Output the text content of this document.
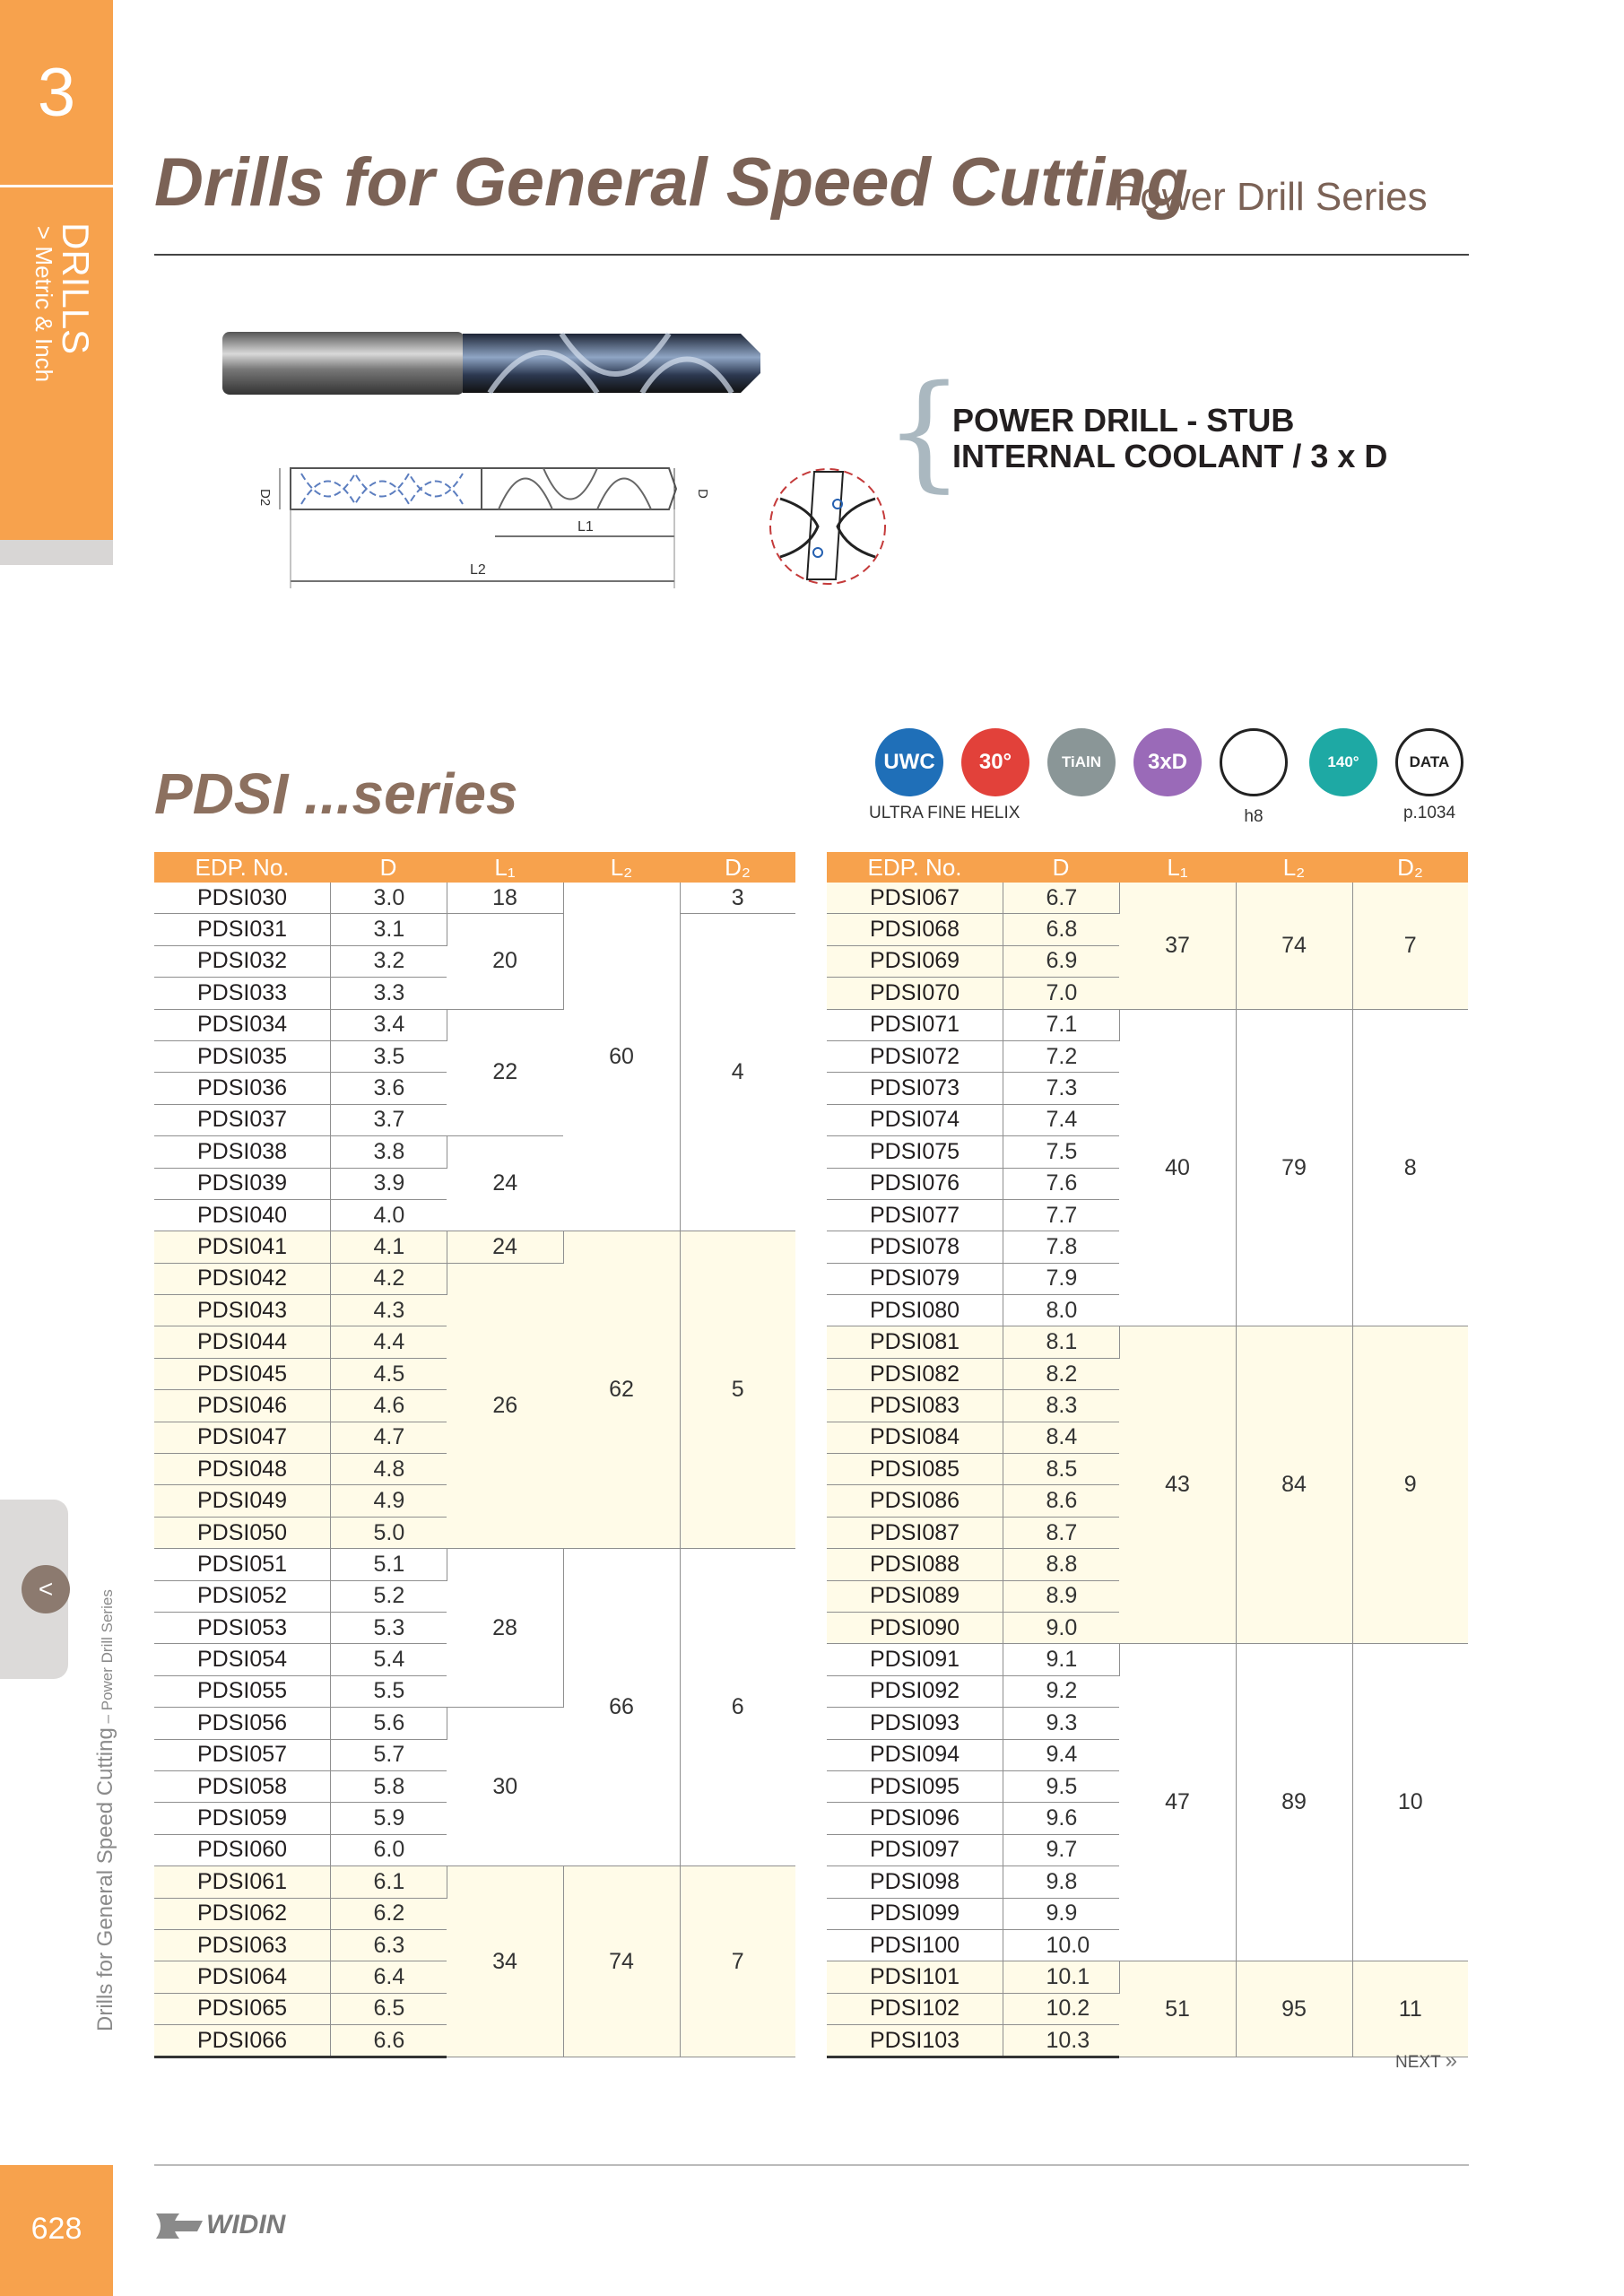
3
DRILLS
> Metric & Inch
<
Drills for General Speed Cutting – Power Drill Series
628
Drills for General Speed Cutting
Power Drill Series
D2	D
L1
L2
{
POWER DRILL - STUB
INTERNAL COOLANT / 3 x D
PDSI ...series	UWC
ULTRA FINE
30°
HELIX
TiAlN	3xD
h8
140°	DATA
p.1034
EDP. No.	D	L₁	L₂	D₂
PDSI030	3.0	18	60	3
PDSI031	3.1	20		4
PDSI032	3.2			
PDSI033	3.3			
PDSI034	3.4	22		
PDSI035	3.5			
PDSI036	3.6			
PDSI037	3.7			
PDSI038	3.8	24		
PDSI039	3.9			
PDSI040	4.0			
PDSI041	4.1	24	62	5
PDSI042	4.2	26		
PDSI043	4.3			
PDSI044	4.4			
PDSI045	4.5			
PDSI046	4.6			
PDSI047	4.7			
PDSI048	4.8			
PDSI049	4.9			
PDSI050	5.0			
PDSI051	5.1	28	66	6
PDSI052	5.2			
PDSI053	5.3			
PDSI054	5.4			
PDSI055	5.5			
PDSI056	5.6	30		
PDSI057	5.7			
PDSI058	5.8			
PDSI059	5.9			
PDSI060	6.0			
PDSI061	6.1	34	74	7
PDSI062	6.2			
PDSI063	6.3			
PDSI064	6.4			
PDSI065	6.5			
PDSI066	6.6			
EDP. No.	D	L₁	L₂	D₂
PDSI067	6.7	37	74	7
PDSI068	6.8			
PDSI069	6.9			
PDSI070	7.0			
PDSI071	7.1	40	79	8
PDSI072	7.2			
PDSI073	7.3			
PDSI074	7.4			
PDSI075	7.5			
PDSI076	7.6			
PDSI077	7.7			
PDSI078	7.8			
PDSI079	7.9			
PDSI080	8.0			
PDSI081	8.1	43	84	9
PDSI082	8.2			
PDSI083	8.3			
PDSI084	8.4			
PDSI085	8.5			
PDSI086	8.6			
PDSI087	8.7			
PDSI088	8.8			
PDSI089	8.9			
PDSI090	9.0			
PDSI091	9.1	47	89	10
PDSI092	9.2			
PDSI093	9.3			
PDSI094	9.4			
PDSI095	9.5			
PDSI096	9.6			
PDSI097	9.7			
PDSI098	9.8			
PDSI099	9.9			
PDSI100	10.0			
PDSI101	10.1	51	95	11
PDSI102	10.2			
PDSI103	10.3			
NEXT »
WIDIN
